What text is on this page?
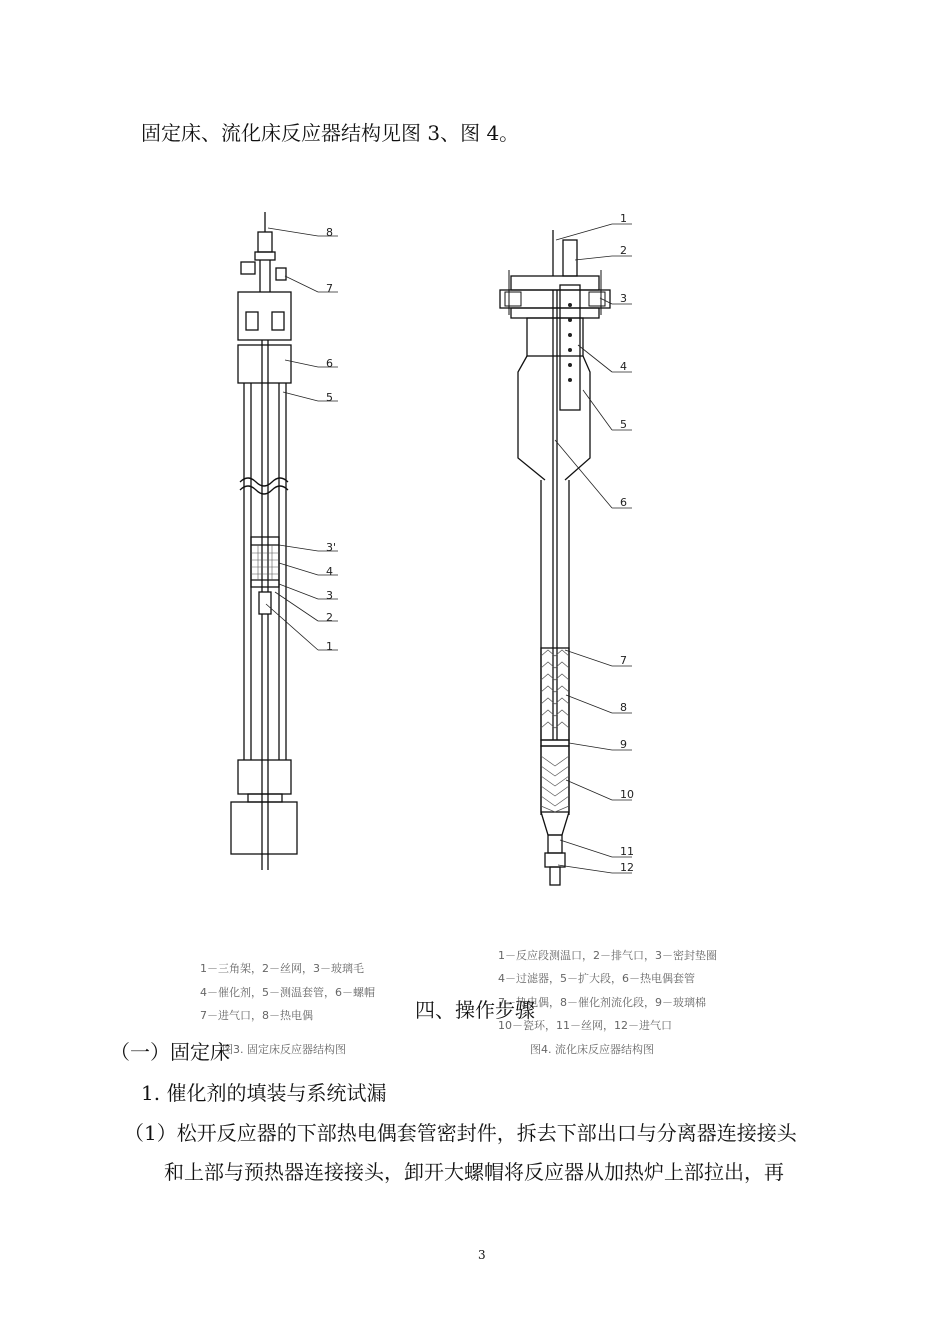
固定床、流化床反应器结构见图 3、图 4。
8
7
6
5
3'
4
3
2
1
1
2
3
4
5
6
7
8
9
10
11
12
1－三角架，2－丝网，3－玻璃毛
4－催化剂，5－测温套管，6－螺帽
7－进气口，8－热电偶
图3. 固定床反应器结构图
1－反应段测温口，2－排气口，3－密封垫圈
4－过滤器，5－扩大段，6－热电偶套管
7－热电偶，8－催化剂流化段，9－玻璃棉
10－瓷环，11－丝网，12－进气口
图4. 流化床反应器结构图
四、操作步骤
（一）固定床
1. 催化剂的填装与系统试漏
（1）松开反应器的下部热电偶套管密封件，拆去下部出口与分离器连接接头
和上部与预热器连接接头，卸开大螺帽将反应器从加热炉上部拉出，再
3
